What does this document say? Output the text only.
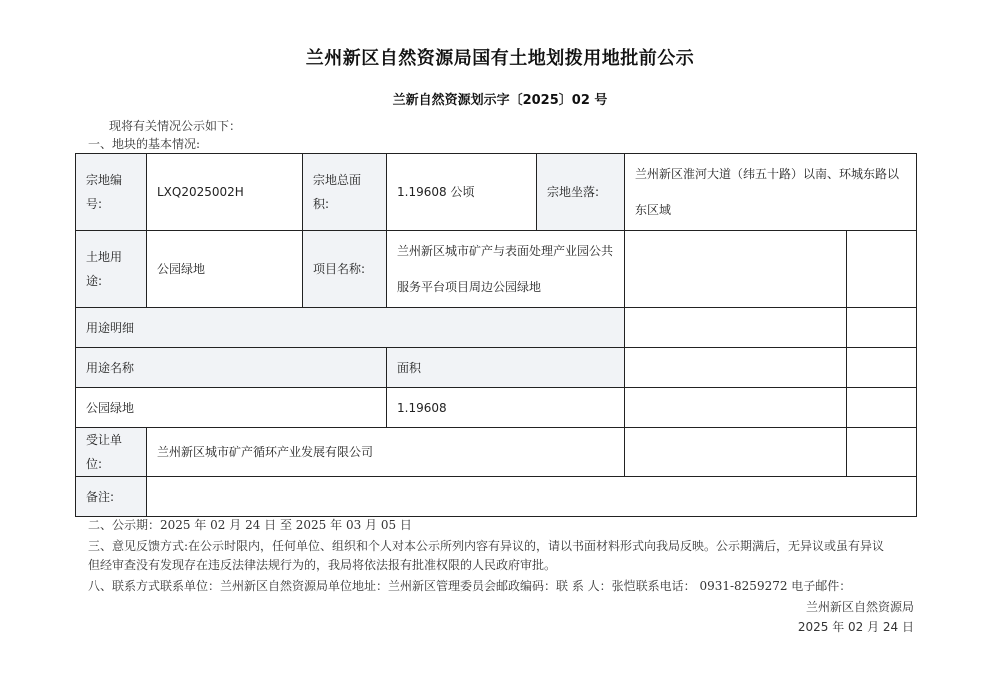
兰州新区自然资源局国有土地划拨用地批前公示
兰新自然资源划示字〔2025〕02 号
现将有关情况公示如下：
一、地块的基本情况:
宗地编号:	LXQ2025002H	宗地总面积:	1.19608 公顷	宗地坐落:	兰州新区淮河大道（纬五十路）以南、环城东路以东区域	
土地用途:	公园绿地	项目名称:	兰州新区城市矿产与表面处理产业园公共服务平台项目周边公园绿地			
用途明细						
用途名称			面积			
公园绿地			1.19608			
受让单位:	兰州新区城市矿产循环产业发展有限公司					
备注:						
二、公示期：2025 年 02 月 24 日 至 2025 年 03 月 05 日
三、意见反馈方式:在公示时限内，任何单位、组织和个人对本公示所列内容有异议的，请以书面材料形式向我局反映。公示期满后，无异议或虽有异议
但经审查没有发现存在违反法律法规行为的，我局将依法报有批准权限的人民政府审批。
八、联系方式联系单位：兰州新区自然资源局单位地址：兰州新区管理委员会邮政编码：联 系 人：张恺联系电话： 0931-8259272 电子邮件：
兰州新区自然资源局
2025 年 02 月 24 日
